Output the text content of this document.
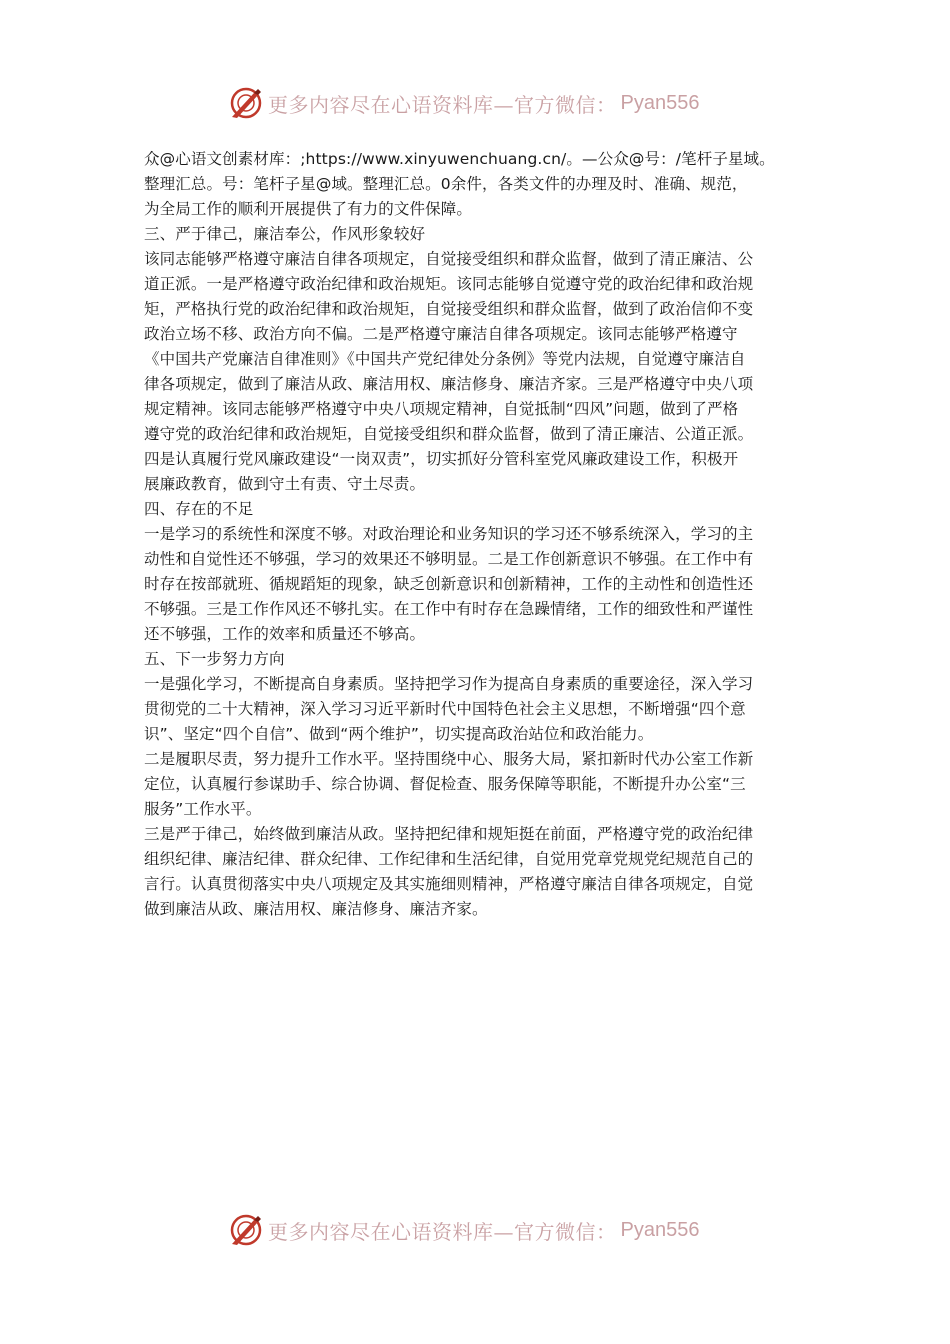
更多内容尽在心语资料库—官方微信： Pyan556
众@心语文创素材库：;https://www.xinyuwenchuang.cn/。—公众@号：/笔杆子星域。
整理汇总。号：笔杆子星@域。整理汇总。0余件，各类文件的办理及时、准确、规范，
为全局工作的顺利开展提供了有力的文件保障。
三、严于律己，廉洁奉公，作风形象较好
该同志能够严格遵守廉洁自律各项规定，自觉接受组织和群众监督，做到了清正廉洁、公
道正派。一是严格遵守政治纪律和政治规矩。该同志能够自觉遵守党的政治纪律和政治规
矩，严格执行党的政治纪律和政治规矩，自觉接受组织和群众监督，做到了政治信仰不变
政治立场不移、政治方向不偏。二是严格遵守廉洁自律各项规定。该同志能够严格遵守
《中国共产党廉洁自律准则》《中国共产党纪律处分条例》等党内法规，自觉遵守廉洁自
律各项规定，做到了廉洁从政、廉洁用权、廉洁修身、廉洁齐家。三是严格遵守中央八项
规定精神。该同志能够严格遵守中央八项规定精神，自觉抵制“四风”问题，做到了严格
遵守党的政治纪律和政治规矩，自觉接受组织和群众监督，做到了清正廉洁、公道正派。
四是认真履行党风廉政建设“一岗双责”，切实抓好分管科室党风廉政建设工作，积极开
展廉政教育，做到守土有责、守土尽责。
四、存在的不足
一是学习的系统性和深度不够。对政治理论和业务知识的学习还不够系统深入，学习的主
动性和自觉性还不够强，学习的效果还不够明显。二是工作创新意识不够强。在工作中有
时存在按部就班、循规蹈矩的现象，缺乏创新意识和创新精神，工作的主动性和创造性还
不够强。三是工作作风还不够扎实。在工作中有时存在急躁情绪，工作的细致性和严谨性
还不够强，工作的效率和质量还不够高。
五、下一步努力方向
一是强化学习，不断提高自身素质。坚持把学习作为提高自身素质的重要途径，深入学习
贯彻党的二十大精神，深入学习习近平新时代中国特色社会主义思想，不断增强“四个意
识”、坚定“四个自信”、做到“两个维护”，切实提高政治站位和政治能力。
二是履职尽责，努力提升工作水平。坚持围绕中心、服务大局，紧扣新时代办公室工作新
定位，认真履行参谋助手、综合协调、督促检查、服务保障等职能，不断提升办公室“三
服务”工作水平。
三是严于律己，始终做到廉洁从政。坚持把纪律和规矩挺在前面，严格遵守党的政治纪律
组织纪律、廉洁纪律、群众纪律、工作纪律和生活纪律，自觉用党章党规党纪规范自己的
言行。认真贯彻落实中央八项规定及其实施细则精神，严格遵守廉洁自律各项规定，自觉
做到廉洁从政、廉洁用权、廉洁修身、廉洁齐家。
更多内容尽在心语资料库—官方微信： Pyan556
